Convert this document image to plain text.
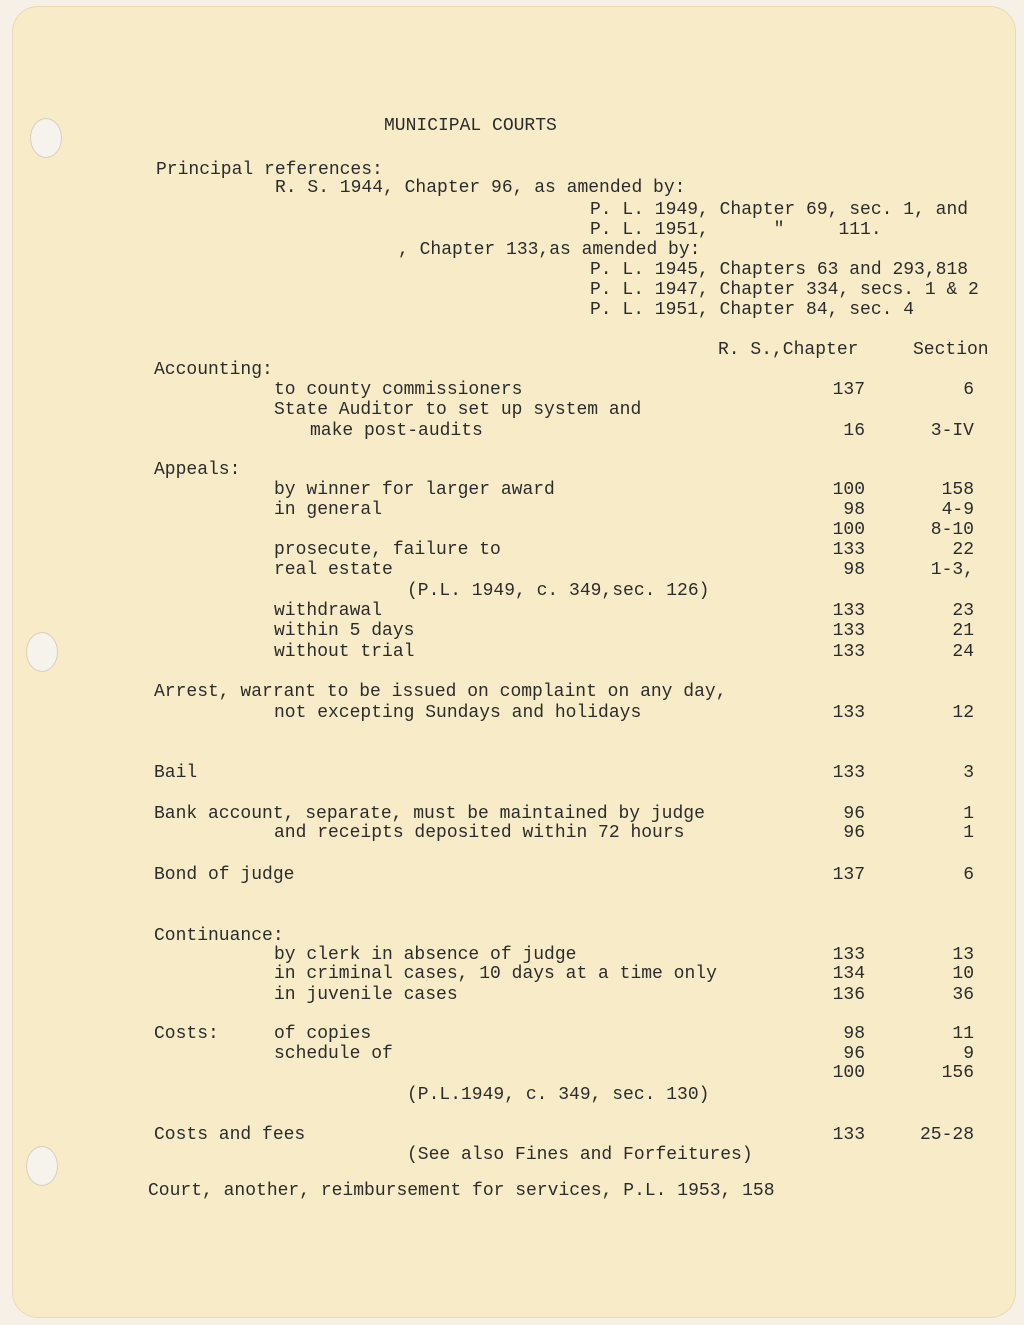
MUNICIPAL COURTS
Principal references:
R. S. 1944, Chapter 96, as amended by:
P. L. 1949, Chapter 69, sec. 1, and
P. L. 1951,      "     111.
, Chapter 133,as amended by:
P. L. 1945, Chapters 63 and 293,818
P. L. 1947, Chapter 334, secs. 1 & 2
P. L. 1951, Chapter 84, sec. 4
R. S.,Chapter	Section
Accounting:
to county commissioners	137	6
State Auditor to set up system and
make post-audits	16	3-IV
Appeals:
by winner for larger award	100	158
in general	98	4-9
100	8-10
prosecute, failure to	133	22
real estate	98	1-3,
(P.L. 1949, c. 349,sec. 126)
withdrawal	133	23
within 5 days	133	21
without trial	133	24
Arrest, warrant to be issued on complaint on any day,
not excepting Sundays and holidays	133	12
Bail	133	3
Bank account, separate, must be maintained by judge	96	1
and receipts deposited within 72 hours	96	1
Bond of judge	137	6
Continuance:
by clerk in absence of judge	133	13
in criminal cases, 10 days at a time only	134	10
in juvenile cases	136	36
Costs:	of copies	98	11
schedule of	96	9
100	156
(P.L.1949, c. 349, sec. 130)
Costs and fees	133	25-28
(See also Fines and Forfeitures)
Court, another, reimbursement for services, P.L. 1953, 158
